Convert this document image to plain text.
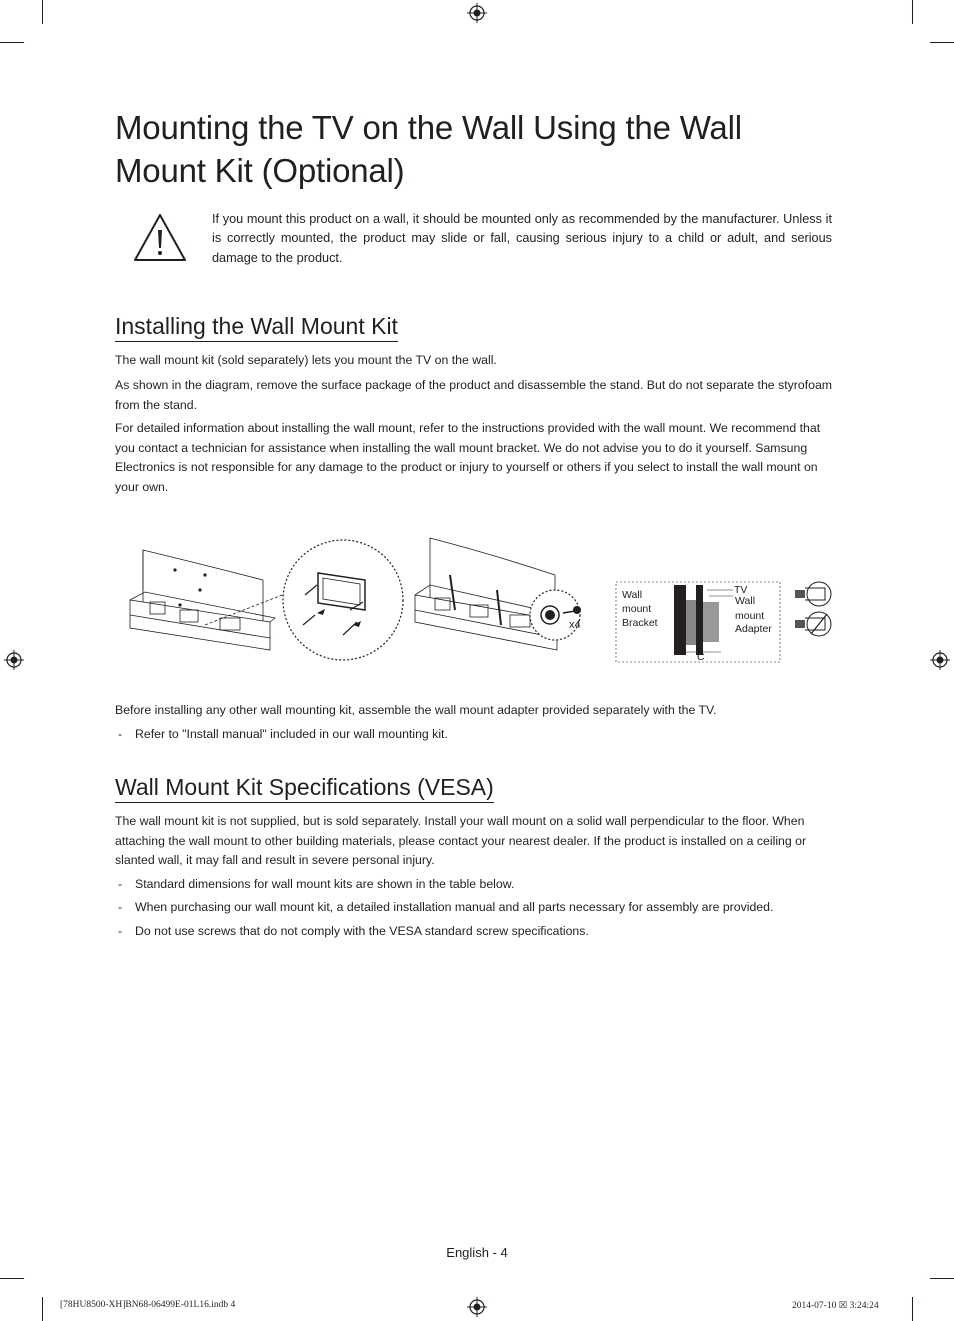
Mounting the TV on the Wall Using the Wall Mount Kit (Optional)

If you mount this product on a wall, it should be mounted only as recommended by the manufacturer. Unless it is correctly mounted, the product may slide or fall, causing serious injury to a child or adult, and serious damage to the product.

Installing the Wall Mount Kit

The wall mount kit (sold separately) lets you mount the TV on the wall.

As shown in the diagram, remove the surface package of the product and disassemble the stand. But do not separate the styrofoam from the stand.

For detailed information about installing the wall mount, refer to the instructions provided with the wall mount. We recommend that you contact a technician for assistance when installing the wall mount bracket. We do not advise you to do it yourself. Samsung Electronics is not responsible for any damage to the product or injury to yourself or others if you select to install the wall mount on your own.

x4
Wall mount Bracket TV Wall mount Adapter C

Before installing any other wall mounting kit, assemble the wall mount adapter provided separately with the TV.

- Refer to "Install manual" included in our wall mounting kit.

Wall Mount Kit Specifications (VESA)

The wall mount kit is not supplied, but is sold separately. Install your wall mount on a solid wall perpendicular to the floor. When attaching the wall mount to other building materials, please contact your nearest dealer. If the product is installed on a ceiling or slanted wall, it may fall and result in severe personal injury.

- Standard dimensions for wall mount kits are shown in the table below.

- When purchasing our wall mount kit, a detailed installation manual and all parts necessary for assembly are provided.

- Do not use screws that do not comply with the VESA standard screw specifications.

English - 4
[78HU8500-XH]BN68-06499E-01L16.indb 4	2014-07-10 ☒ 3:24:24
